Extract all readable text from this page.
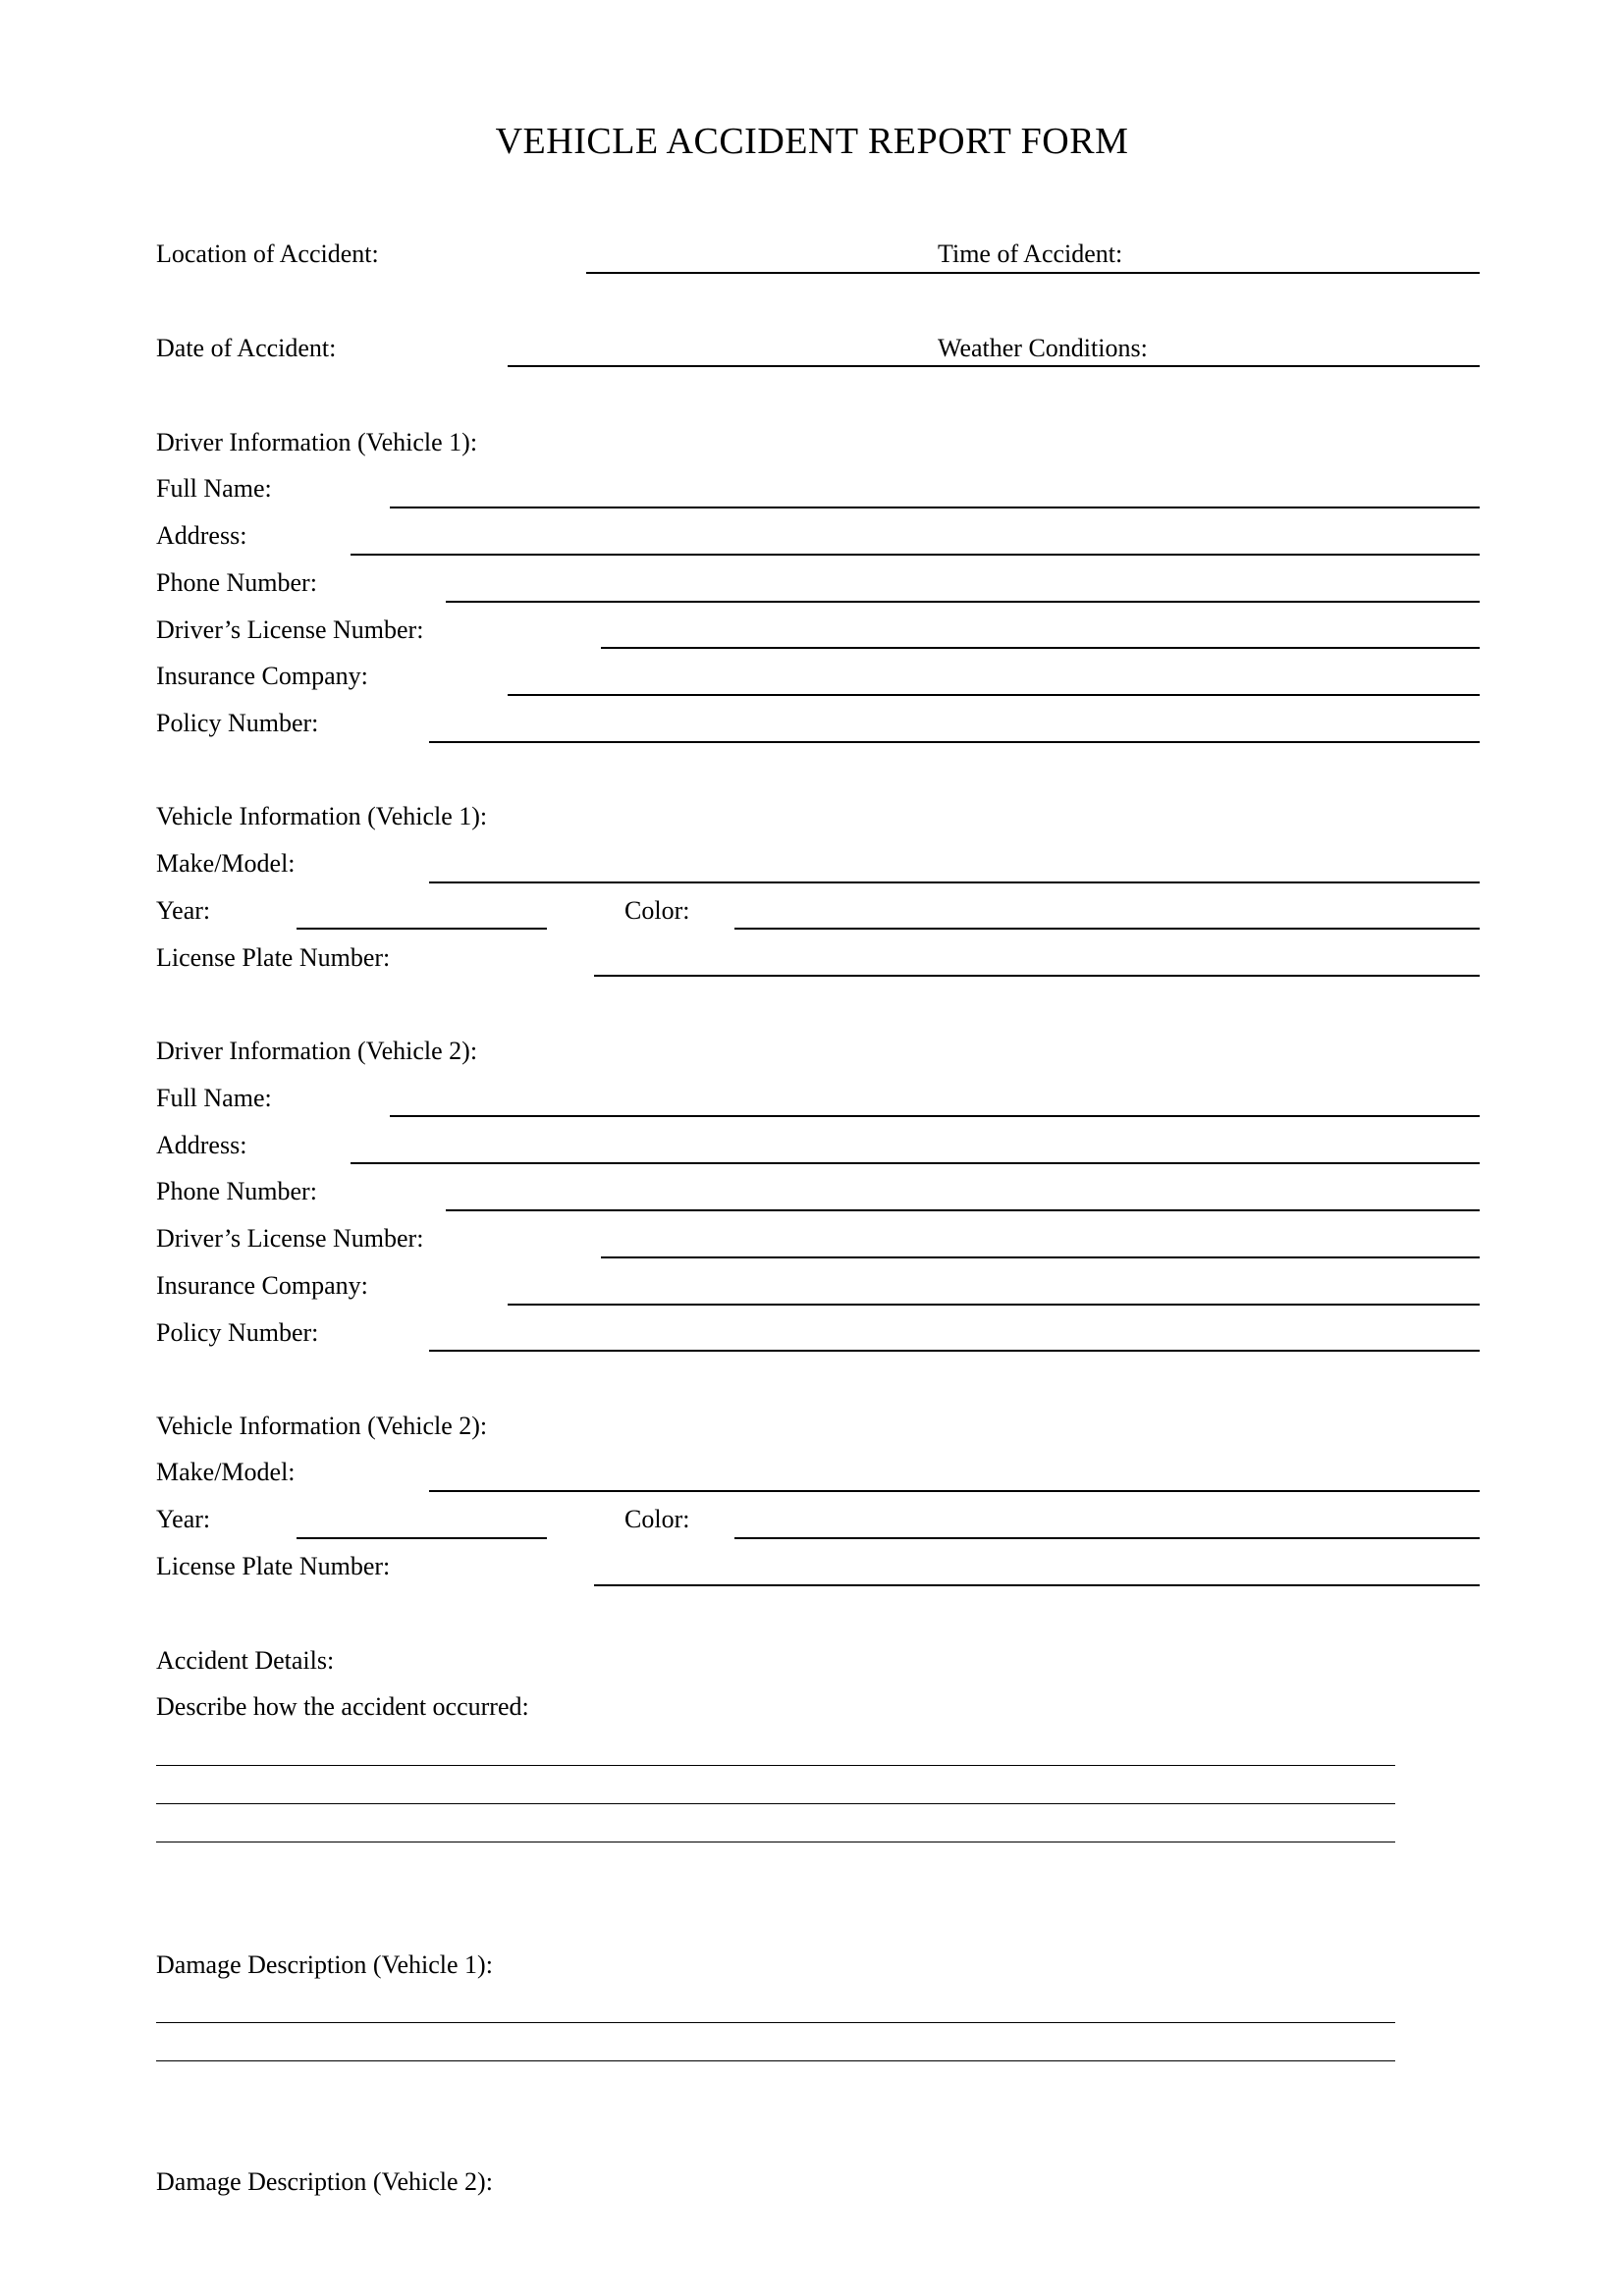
VEHICLE ACCIDENT REPORT FORM
Location of Accident:	Time of Accident:
Date of Accident:	Weather Conditions:
Driver Information (Vehicle 1):
Full Name:
Address:
Phone Number:
Driver’s License Number:
Insurance Company:
Policy Number:
Vehicle Information (Vehicle 1):
Make/Model:
Year:	Color:
License Plate Number:
Driver Information (Vehicle 2):
Full Name:
Address:
Phone Number:
Driver’s License Number:
Insurance Company:
Policy Number:
Vehicle Information (Vehicle 2):
Make/Model:
Year:	Color:
License Plate Number:
Accident Details:
Describe how the accident occurred:
Damage Description (Vehicle 1):
Damage Description (Vehicle 2):
